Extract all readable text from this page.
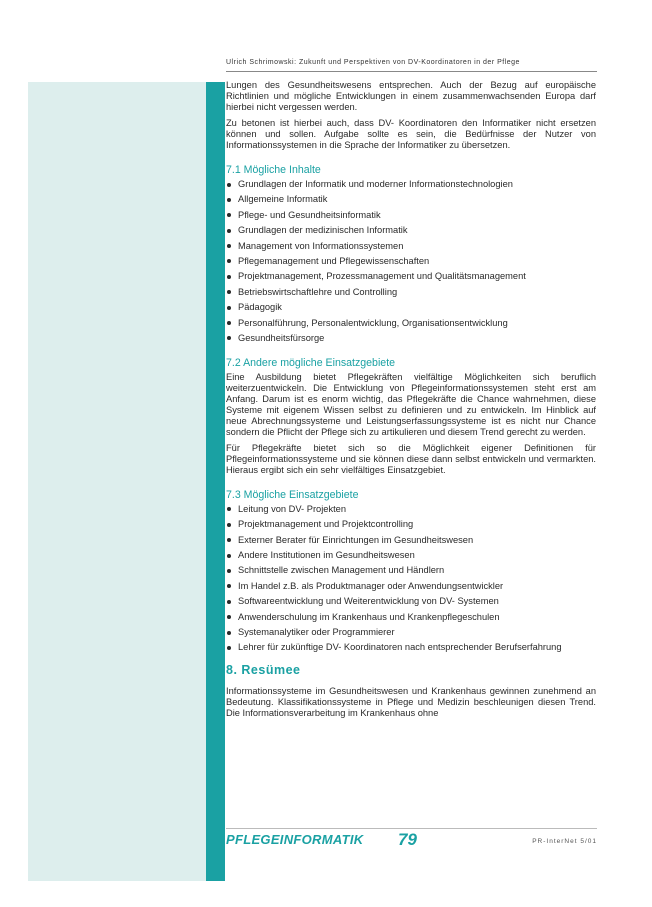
Ulrich Schrimowski: Zukunft und Perspektiven von DV-Koordinatoren in der Pflege

Lungen des Gesundheitswesens entsprechen. Auch der Bezug auf europäische Richtlinien und mögliche Entwicklungen in einem zusammenwachsenden Europa darf hierbei nicht vergessen werden.

Zu betonen ist hierbei auch, dass DV- Koordinatoren den Informatiker nicht ersetzen können und sollen. Aufgabe sollte es sein, die Bedürfnisse der Nutzer von Informationssystemen in die Sprache der Informatiker zu übersetzen.

7.1 Mögliche Inhalte
Grundlagen der Informatik und moderner Informationstechnologien
Allgemeine Informatik
Pflege- und Gesundheitsinformatik
Grundlagen der medizinischen Informatik
Management von Informationssystemen
Pflegemanagement und Pflegewissenschaften
Projektmanagement, Prozessmanagement und Qualitätsmanagement
Betriebswirtschaftlehre und Controlling
Pädagogik
Personalführung, Personalentwicklung, Organisationsentwicklung
Gesundheitsfürsorge
7.2 Andere mögliche Einsatzgebiete

Eine Ausbildung bietet Pflegekräften vielfältige Möglichkeiten sich beruflich weiterzuentwickeln. Die Entwicklung von Pflegeinformationssystemen steht erst am Anfang. Darum ist es enorm wichtig, das Pflegekräfte die Chance wahrnehmen, diese Systeme mit eigenem Wissen selbst zu definieren und zu entwickeln. Im Hinblick auf neue Abrechnungssysteme und Leistungserfassungssysteme ist es nicht nur Chance sondern die Pflicht der Pflege sich zu artikulieren und diesem Trend gerecht zu werden.

Für Pflegekräfte bietet sich so die Möglichkeit eigener Definitionen für Pflegeinformationssysteme und sie können diese dann selbst entwickeln und vermarkten. Hieraus ergibt sich ein sehr vielfältiges Einsatzgebiet.

7.3 Mögliche Einsatzgebiete
Leitung von DV- Projekten
Projektmanagement und Projektcontrolling
Externer Berater für Einrichtungen im Gesundheitswesen
Andere Institutionen im Gesundheitswesen
Schnittstelle zwischen Management und Händlern
Im Handel z.B. als Produktmanager oder Anwendungsentwickler
Softwareentwicklung und Weiterentwicklung von DV- Systemen
Anwenderschulung im Krankenhaus und Krankenpflegeschulen
Systemanalytiker oder Programmierer
Lehrer für zukünftige DV- Koordinatoren nach entsprechender Berufserfahrung
8. Resümee

Informationssysteme im Gesundheitswesen und Krankenhaus gewinnen zunehmend an Bedeutung. Klassifikationssysteme in Pflege und Medizin beschleunigen diesen Trend. Die Informationsverarbeitung im Krankenhaus ohne

PFLEGEINFORMATIK 79	PR-InterNet 5/01
